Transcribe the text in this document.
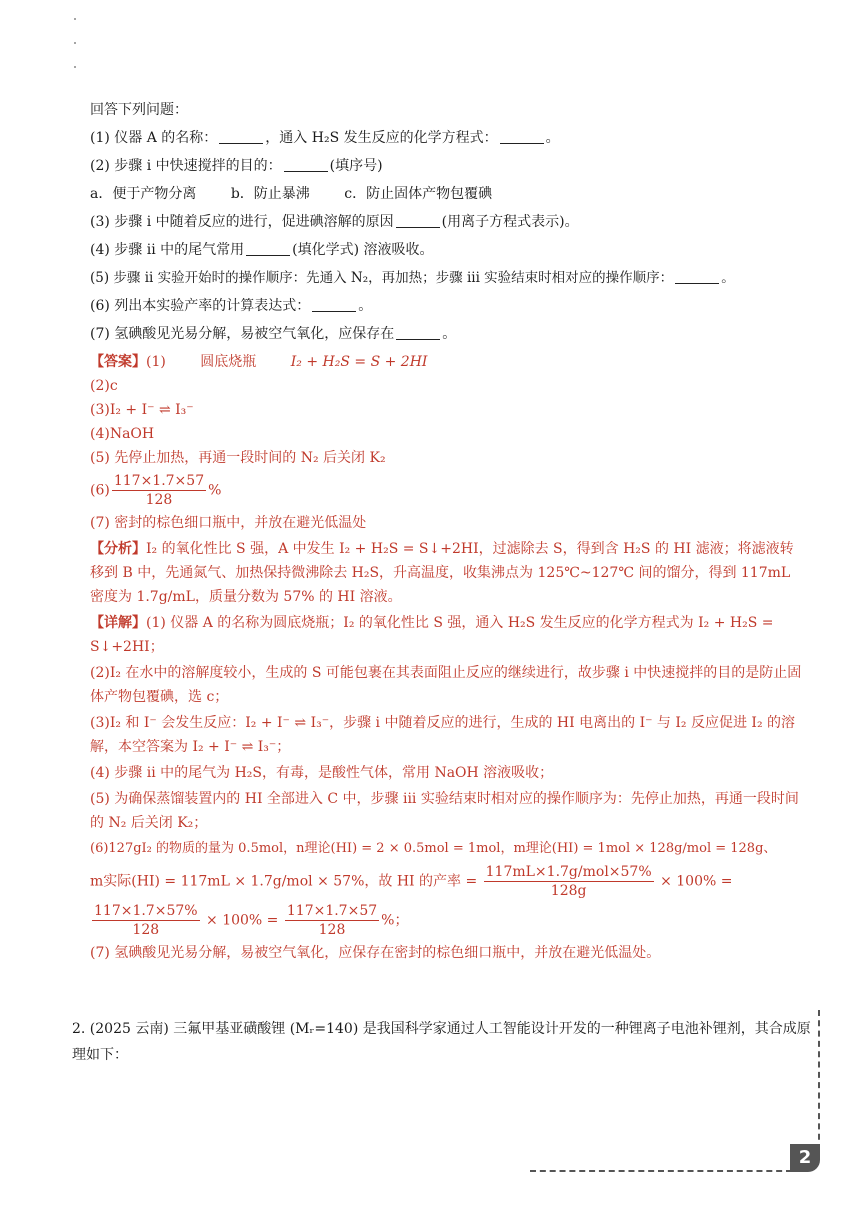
回答下列问题：
(1) 仪器 A 的名称：	，通入 H₂S 发生反应的化学方程式：	。
(2) 步骤 i 中快速搅拌的目的：	(填序号)
a．便于产物分离 b．防止暴沸 c．防止固体产物包覆碘
(3) 步骤 i 中随着反应的进行，促进碘溶解的原因	(用离子方程式表示)。
(4) 步骤 ii 中的尾气常用	(填化学式) 溶液吸收。
(5) 步骤 ii 实验开始时的操作顺序：先通入 N₂，再加热；步骤 iii 实验结束时相对应的操作顺序：	。
(6) 列出本实验产率的计算表达式：	。
(7) 氢碘酸见光易分解，易被空气氧化，应保存在	。
【答案】(1) 圆底烧瓶 I₂ + H₂S = S + 2HI
(2)c
(3)I₂ + I⁻ ⇌ I₃⁻
(4)NaOH
(5) 先停止加热，再通一段时间的 N₂ 后关闭 K₂
$(6) \frac{117\times 1.7\times 57}{128}$ %
(7) 密封的棕色细口瓶中，并放在避光低温处
【分析】I₂ 的氧化性比 S 强，A 中发生 I₂ + H₂S = S↓+2HI，过滤除去 S，得到含 H₂S 的 HI 滤液；将滤液转移到 B 中，先通氮气、加热保持微沸除去 H₂S，升高温度，收集沸点为 125℃~127℃ 间的馏分，得到 117mL 密度为 1.7g/mL，质量分数为 57% 的 HI 溶液。
【详解】(1) 仪器 A 的名称为圆底烧瓶；I₂ 的氧化性比 S 强，通入 H₂S 发生反应的化学方程式为 I₂ + H₂S = S↓+2HI；
(2)I₂ 在水中的溶解度较小，生成的 S 可能包裹在其表面阻止反应的继续进行，故步骤 i 中快速搅拌的目的是防止固体产物包覆碘，选 c；
(3)I₂ 和 I⁻ 会发生反应：I₂ + I⁻ ⇌ I₃⁻，步骤 i 中随着反应的进行，生成的 HI 电离出的 I⁻ 与 I₂ 反应促进 I₂ 的溶解，本空答案为 I₂ + I⁻ ⇌ I₃⁻；
(4) 步骤 ii 中的尾气为 H₂S，有毒，是酸性气体，常用 NaOH 溶液吸收；
(5) 为确保蒸馏装置内的 HI 全部进入 C 中，步骤 iii 实验结束时相对应的操作顺序为：先停止加热，再通一段时间的 N₂ 后关闭 K₂；
(6)127gI₂ 的物质的量为 0.5mol，n理论(HI) = 2 × 0.5mol = 1mol，m理论(HI) = 1mol × 128g/mol = 128g、
m实际(HI) = 117mL × 1.7g/mol × 57%，故 HI 的产率 = $\frac{\text{117mL×1.7g/mol×57\%}}{128g} \times 100\%$ =
$\frac{117\times 1.7\times 57\%}{128} \times 100\% = \frac{117\times 1.7\times 57}{128}$ %；
(7) 氢碘酸见光易分解，易被空气氧化，应保存在密封的棕色细口瓶中，并放在避光低温处。
2. (2025 云南) 三氟甲基亚磺酸锂 (Mᵣ=140) 是我国科学家通过人工智能设计开发的一种锂离子电池补锂剂，其合成原理如下：
2
